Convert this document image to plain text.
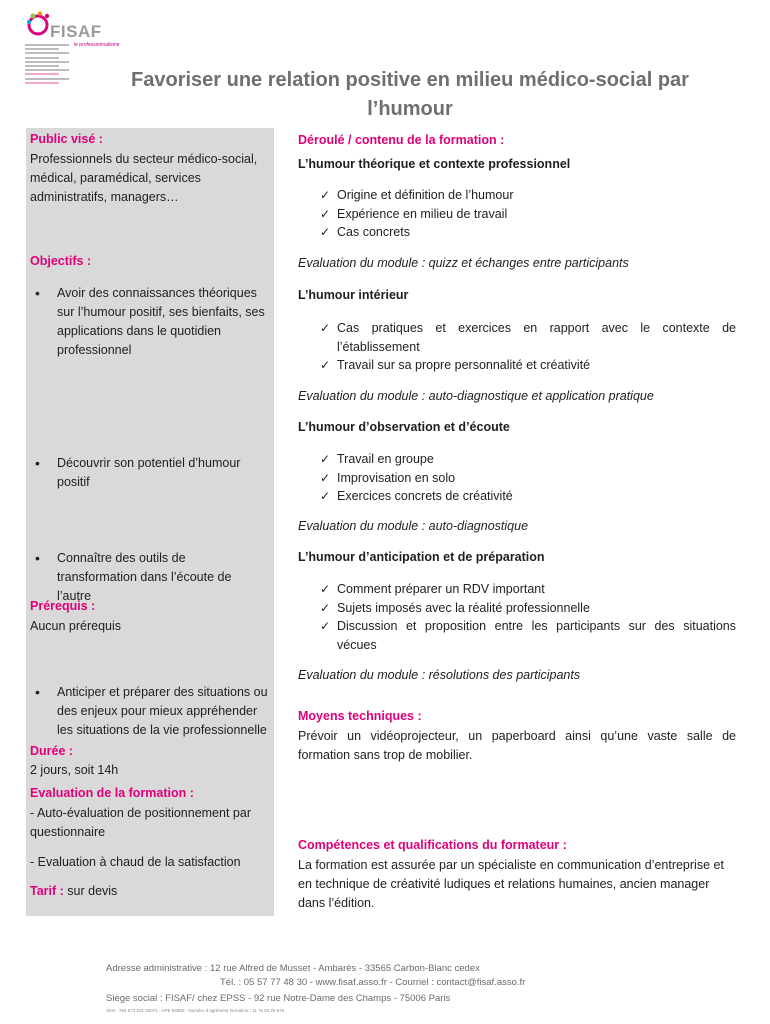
FISAF
le professionnalisme
Favoriser une relation positive en milieu médico-social par
l’humour
Public visé :
Professionnels du secteur médico-social, médical, paramédical, services administratifs, managers…
Objectifs :
• Avoir des connaissances théoriques sur l’humour positif, ses bienfaits, ses applications dans le quotidien professionnel
• Découvrir son potentiel d’humour positif
• Connaître des outils de transformation dans l’écoute de l’autre
• Anticiper et préparer des situations ou des enjeux pour mieux appréhender les situations de la vie professionnelle
Prérequis :
Aucun prérequis
Durée :
2 jours, soit 14h
Evaluation de la formation :
- Auto-évaluation de positionnement par questionnaire
- Evaluation à chaud de la satisfaction
Tarif : sur devis
Déroulé / contenu de la formation :
L’humour théorique et contexte professionnel
✓ Origine et définition de l’humour
✓ Expérience en milieu de travail
✓ Cas concrets
Evaluation du module : quizz et échanges entre participants
L’humour intérieur
✓ Cas pratiques et exercices en rapport avec le contexte de l’établissement
✓ Travail sur sa propre personnalité et créativité
Evaluation du module : auto-diagnostique et application pratique
L’humour d’observation et d’écoute
✓ Travail en groupe
✓ Improvisation en solo
✓ Exercices concrets de créativité
Evaluation du module : auto-diagnostique
L’humour d’anticipation et de préparation
✓ Comment préparer un RDV important
✓ Sujets imposés avec la réalité professionnelle
✓ Discussion et proposition entre les participants sur des situations vécues
Evaluation du module : résolutions des participants
Moyens techniques :
Prévoir un vidéoprojecteur, un paperboard ainsi qu’une vaste salle de formation sans trop de mobilier.
Compétences et qualifications du formateur :
La formation est assurée par un spécialiste en communication d’entreprise et en technique de créativité ludiques et relations humaines, ancien manager dans l’édition.
Adresse administrative : 12 rue Alfred de Musset - Ambarès - 33565 Carbon-Blanc cedex
Tél. : 05 57 77 48 30 - www.fisaf.asso.fr - Courriel : contact@fisaf.asso.fr
Siège social : FISAF/ chez EPSS - 92 rue Notre-Dame des Champs - 75006 Paris
Siret : 784 573 831 00071 - APE 9499Z - Numéro d’agrément formation : 11 75 04 25 875
